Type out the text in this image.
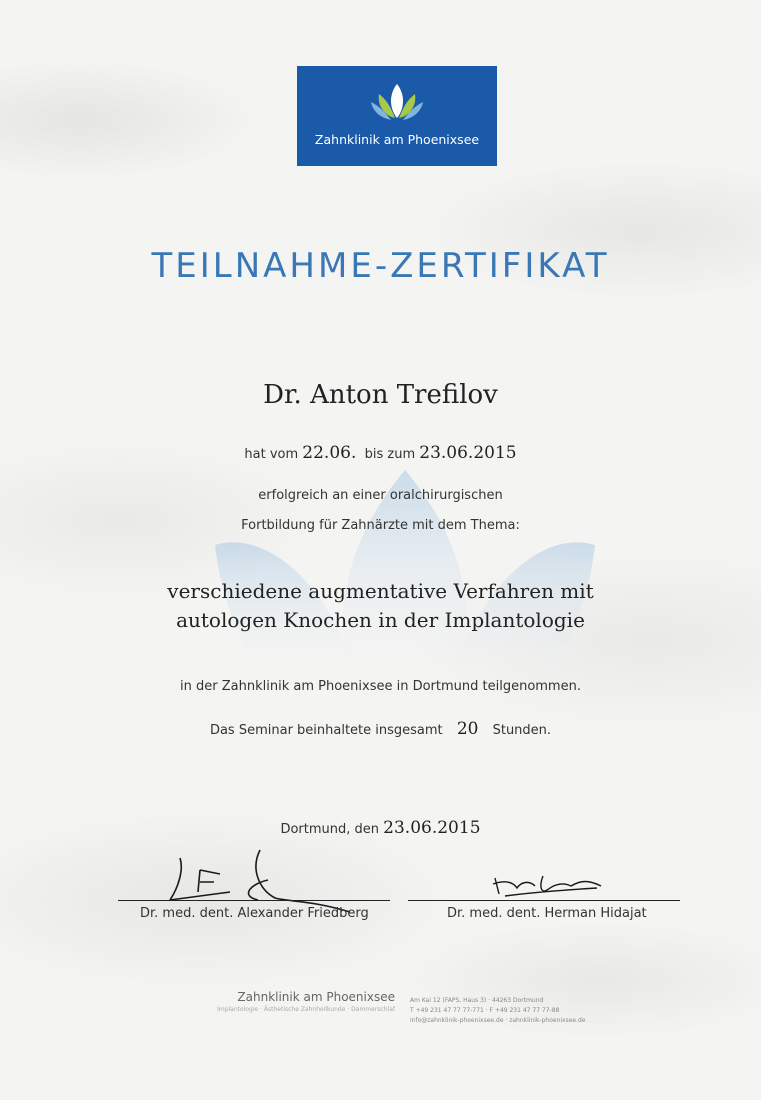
Zahnklinik am Phoenixsee
TEILNAHME-ZERTIFIKAT
Dr. Anton Trefilov
hat vom 22.06. bis zum 23.06.2015
erfolgreich an einer oralchirurgischen
Fortbildung für Zahnärzte mit dem Thema:
verschiedene augmentative Verfahren mit
autologen Knochen in der Implantologie
in der Zahnklinik am Phoenixsee in Dortmund teilgenommen.
Das Seminar beinhaltete insgesamt 20 Stunden.
Dortmund, den 23.06.2015
Dr. med. dent. Alexander Friedberg	Dr. med. dent. Herman Hidajat
Zahnklinik am Phoenixsee
Implantologie · Ästhetische Zahnheilkunde · Dammerschlaf
Am Kai 12 (FAPS, Haus 3) · 44263 Dortmund
T +49 231 47 77 77-771 · F +49 231 47 77 77-88
info@zahnklinik-phoenixsee.de · zahnklinik-phoenixsee.de
